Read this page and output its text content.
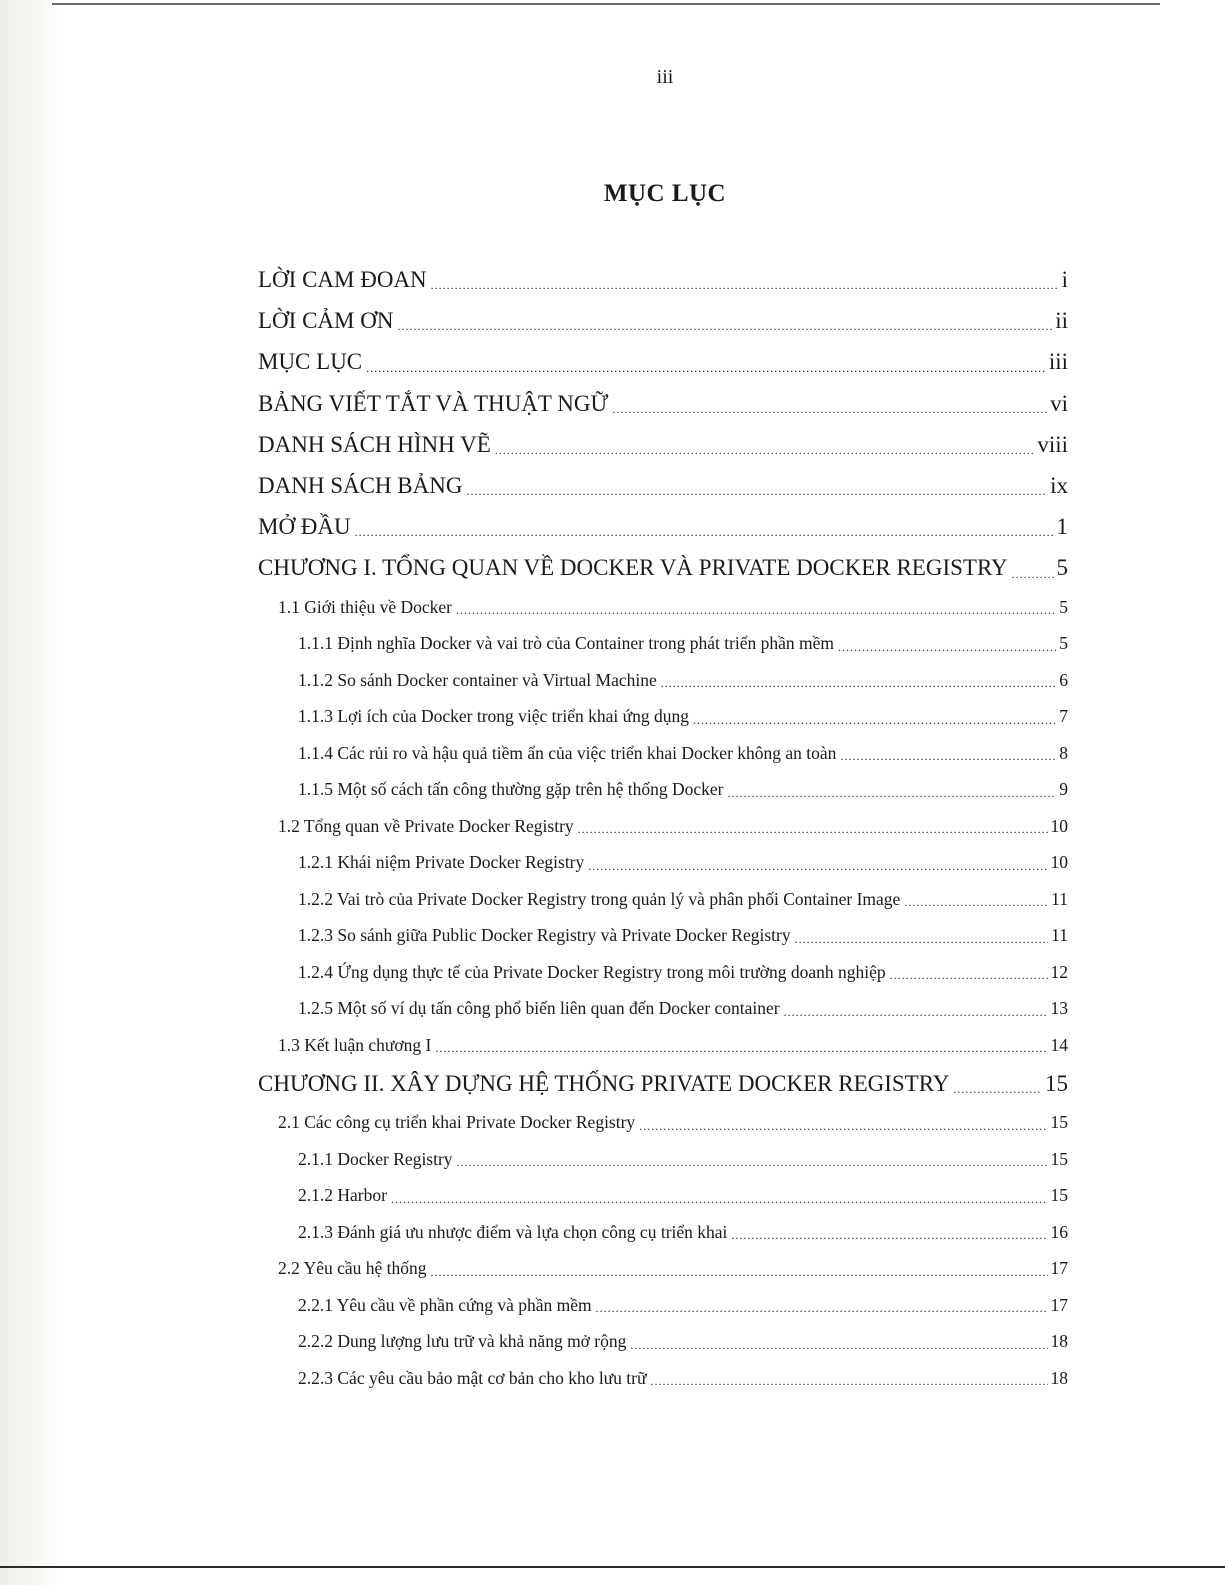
iii
MỤC LỤC
LỜI CAM ĐOAN .....	i
LỜI CẢM ƠN .....	ii
MỤC LỤC .....	iii
BẢNG VIẾT TẮT VÀ THUẬT NGỮ .....	vi
DANH SÁCH HÌNH VẼ .....	viii
DANH SÁCH BẢNG .....	ix
MỞ ĐẦU .....	1
CHƯƠNG I. TỔNG QUAN VỀ DOCKER VÀ PRIVATE DOCKER REGISTRY ..... 5
1.1 Giới thiệu về Docker .....	5
1.1.1 Định nghĩa Docker và vai trò của Container trong phát triển phần mềm .....	5
1.1.2 So sánh Docker container và Virtual Machine .....	6
1.1.3 Lợi ích của Docker trong việc triển khai ứng dụng .....	7
1.1.4 Các rủi ro và hậu quả tiềm ẩn của việc triển khai Docker không an toàn .....	8
1.1.5 Một số cách tấn công thường gặp trên hệ thống Docker .....	9
1.2 Tổng quan về Private Docker Registry .....	10
1.2.1 Khái niệm Private Docker Registry .....	10
1.2.2 Vai trò của Private Docker Registry trong quản lý và phân phối Container Image .....	11
1.2.3 So sánh giữa Public Docker Registry và Private Docker Registry .....	11
1.2.4 Ứng dụng thực tế của Private Docker Registry trong môi trường doanh nghiệp .....	12
1.2.5 Một số ví dụ tấn công phổ biến liên quan đến Docker container .....	13
1.3 Kết luận chương I .....	14
CHƯƠNG II. XÂY DỰNG HỆ THỐNG PRIVATE DOCKER REGISTRY .....	15
2.1 Các công cụ triển khai Private Docker Registry .....	15
2.1.1 Docker Registry .....	15
2.1.2 Harbor .....	15
2.1.3 Đánh giá ưu nhược điểm và lựa chọn công cụ triển khai .....	16
2.2 Yêu cầu hệ thống .....	17
2.2.1 Yêu cầu về phần cứng và phần mềm .....	17
2.2.2 Dung lượng lưu trữ và khả năng mở rộng .....	18
2.2.3 Các yêu cầu bảo mật cơ bản cho kho lưu trữ .....	18
